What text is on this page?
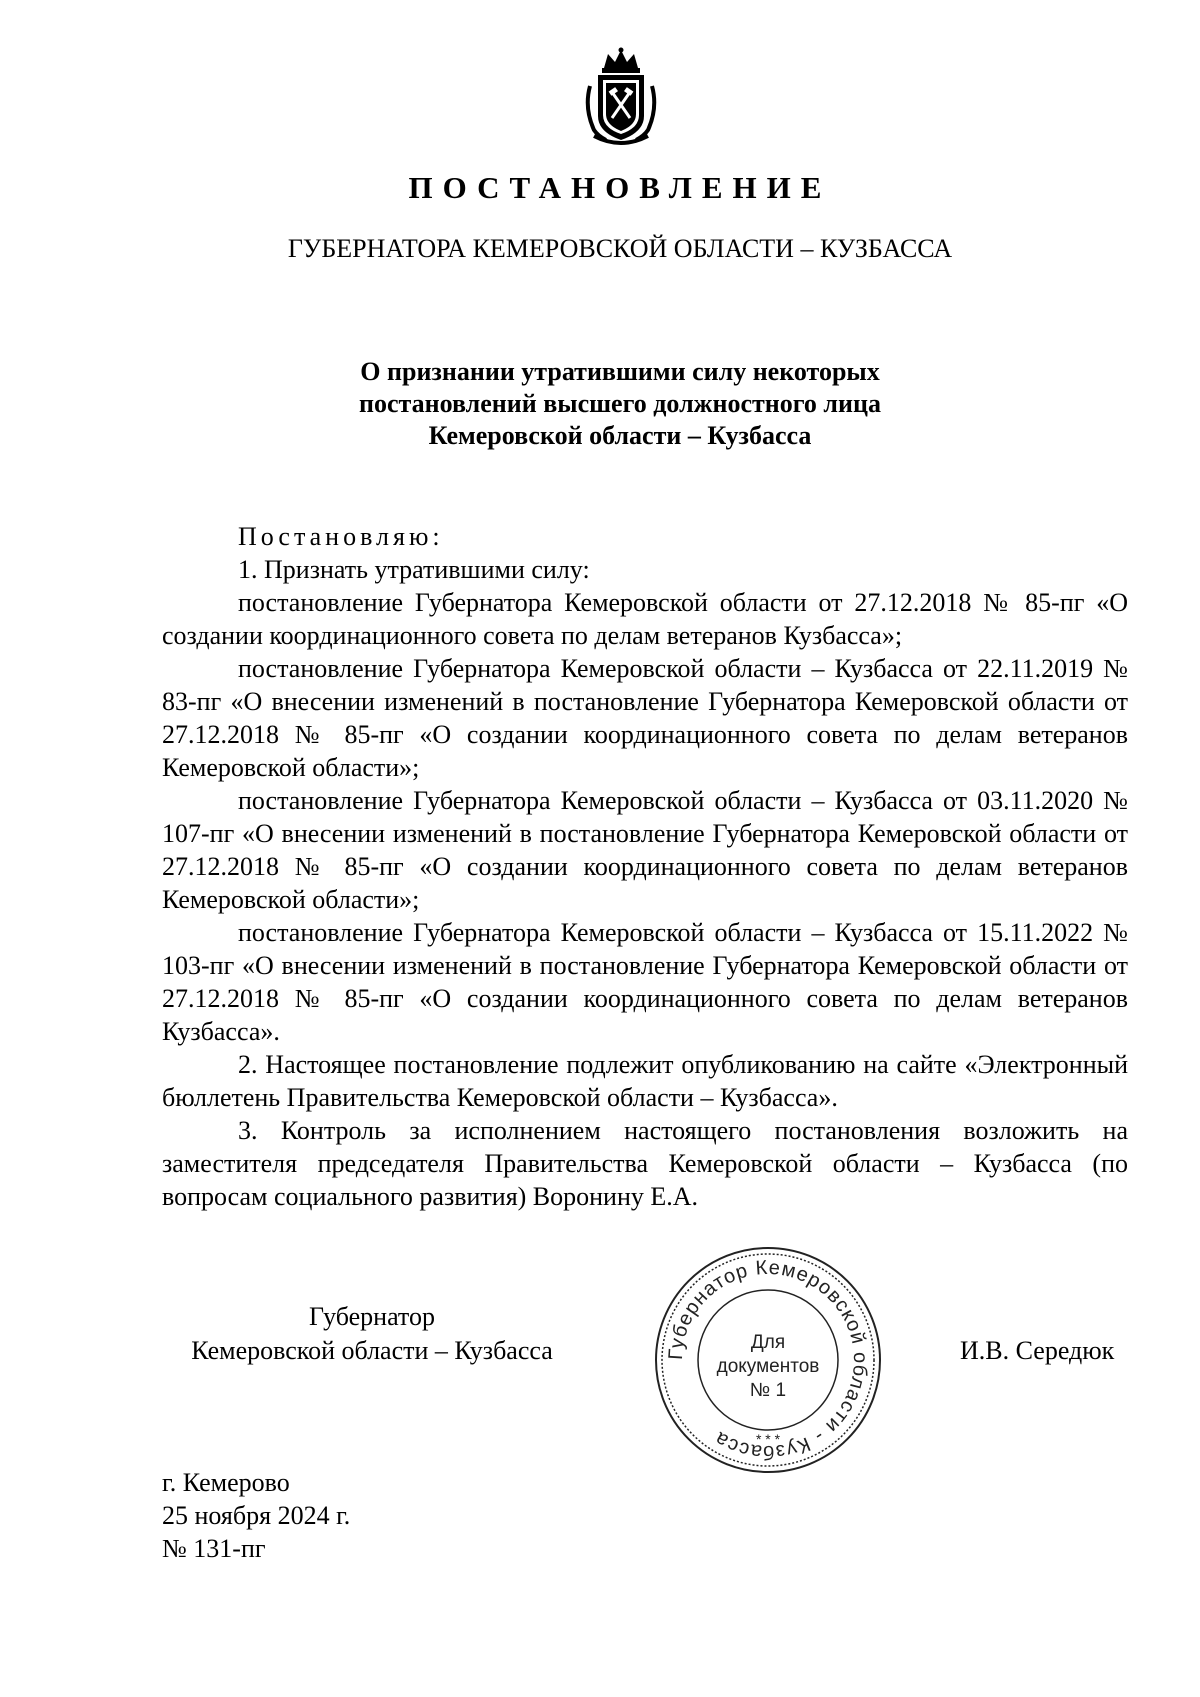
ПОСТАНОВЛЕНИЕ
ГУБЕРНАТОРА КЕМЕРОВСКОЙ ОБЛАСТИ – КУЗБАССА
О признании утратившими силу некоторых
постановлений высшего должностного лица
Кемеровской области – Кузбасса

Постановляю:

1. Признать утратившими силу:

постановление Губернатора Кемеровской области от 27.12.2018 № 85-пг «О создании координационного совета по делам ветеранов Кузбасса»;

постановление Губернатора Кемеровской области – Кузбасса от 22.11.2019 № 83-пг «О внесении изменений в постановление Губернатора Кемеровской области от 27.12.2018 № 85-пг «О создании координационного совета по делам ветеранов Кемеровской области»;

постановление Губернатора Кемеровской области – Кузбасса от 03.11.2020 № 107-пг «О внесении изменений в постановление Губернатора Кемеровской области от 27.12.2018 № 85-пг «О создании координационного совета по делам ветеранов Кемеровской области»;

постановление Губернатора Кемеровской области – Кузбасса от 15.11.2022 № 103-пг «О внесении изменений в постановление Губернатора Кемеровской области от 27.12.2018 № 85-пг «О создании координационного совета по делам ветеранов Кузбасса».

2. Настоящее постановление подлежит опубликованию на сайте «Электронный бюллетень Правительства Кемеровской области – Кузбасса».

3. Контроль за исполнением настоящего постановления возложить на заместителя председателя Правительства Кемеровской области – Кузбасса (по вопросам социального развития) Воронину Е.А.

Губернатор
Кемеровской области – Кузбасса	И.В. Середюк
Губернатор Кемеровской области - Кузбасса
Для
документов
№ 1
* * *
г. Кемерово
25 ноября 2024 г.
№ 131-пг
